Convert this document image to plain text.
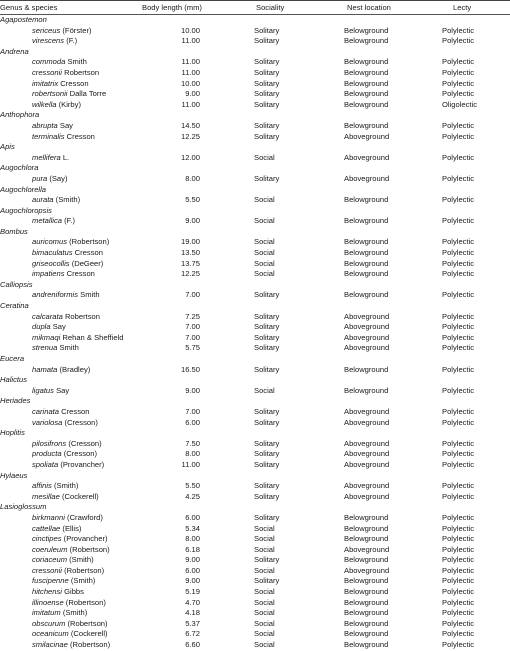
Genus & species	Body length (mm)	Sociality	Nest location	Lecty
Agapostemon
sericeus (Förster)	10.00	Solitary	Belowground	Polylectic
virescens (F.)	11.00	Solitary	Belowground	Polylectic
Andrena
commoda Smith	11.00	Solitary	Belowground	Polylectic
cressonii Robertson	11.00	Solitary	Belowground	Polylectic
imitatrix Cresson	10.00	Solitary	Belowground	Polylectic
robertsonii Dalla Torre	9.00	Solitary	Belowground	Polylectic
wilkella (Kirby)	11.00	Solitary	Belowground	Oligolectic
Anthophora
abrupta Say	14.50	Solitary	Belowground	Polylectic
terminalis Cresson	12.25	Solitary	Aboveground	Polylectic
Apis
mellifera L.	12.00	Social	Aboveground	Polylectic
Augochlora
pura (Say)	8.00	Solitary	Aboveground	Polylectic
Augochlorella
aurata (Smith)	5.50	Social	Belowground	Polylectic
Augochloropsis
metallica (F.)	9.00	Social	Belowground	Polylectic
Bombus
auricomus (Robertson)	19.00	Social	Belowground	Polylectic
bimaculatus Cresson	13.50	Social	Belowground	Polylectic
griseocollis (DeGeer)	13.75	Social	Belowground	Polylectic
impatiens Cresson	12.25	Social	Belowground	Polylectic
Calliopsis
andreniformis Smith	7.00	Solitary	Belowground	Polylectic
Ceratina
calcarata Robertson	7.25	Solitary	Aboveground	Polylectic
dupla Say	7.00	Solitary	Aboveground	Polylectic
mikmaqi Rehan & Sheffield	7.00	Solitary	Aboveground	Polylectic
strenua Smith	5.75	Solitary	Aboveground	Polylectic
Eucera
hamata (Bradley)	16.50	Solitary	Belowground	Polylectic
Halictus
ligatus Say	9.00	Social	Belowground	Polylectic
Heriades
carinata Cresson	7.00	Solitary	Aboveground	Polylectic
variolosa (Cresson)	6.00	Solitary	Aboveground	Polylectic
Hoplitis
pilosifrons (Cresson)	7.50	Solitary	Aboveground	Polylectic
producta (Cresson)	8.00	Solitary	Aboveground	Polylectic
spoliata (Provancher)	11.00	Solitary	Aboveground	Polylectic
Hylaeus
affinis (Smith)	5.50	Solitary	Aboveground	Polylectic
mesillae (Cockerell)	4.25	Solitary	Aboveground	Polylectic
Lasioglossum
birkmanni (Crawford)	6.00	Solitary	Belowground	Polylectic
cattellae (Ellis)	5.34	Social	Belowground	Polylectic
cinctipes (Provancher)	8.00	Social	Belowground	Polylectic
coeruleum (Robertson)	6.18	Social	Aboveground	Polylectic
coriaceum (Smith)	9.00	Solitary	Belowground	Polylectic
cressonii (Robertson)	6.00	Social	Aboveground	Polylectic
fuscipenne (Smith)	9.00	Solitary	Belowground	Polylectic
hitchensi Gibbs	5.19	Social	Belowground	Polylectic
illinoense (Robertson)	4.70	Social	Belowground	Polylectic
imitatum (Smith)	4.18	Social	Belowground	Polylectic
obscurum (Robertson)	5.37	Social	Belowground	Polylectic
oceanicum (Cockerell)	6.72	Social	Belowground	Polylectic
smilacinae (Robertson)	6.60	Social	Belowground	Polylectic
